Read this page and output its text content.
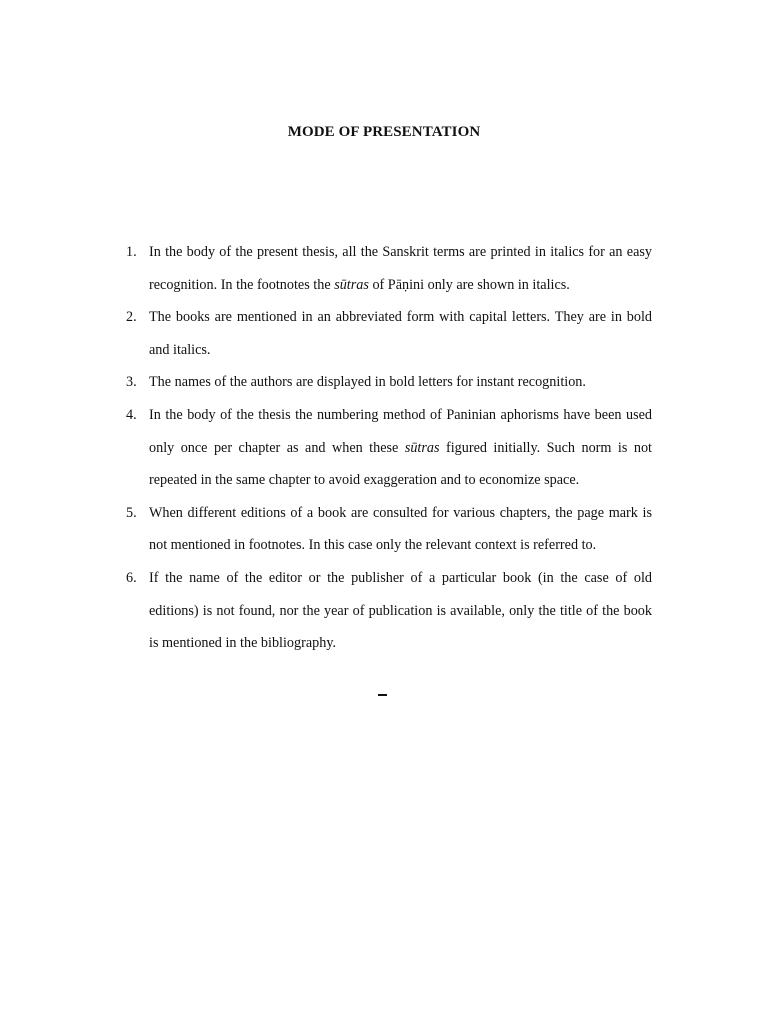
MODE OF PRESENTATION
1. In the body of the present thesis, all the Sanskrit terms are printed in italics for an easy recognition. In the footnotes the sūtras of Pāṇini only are shown in italics.
2. The books are mentioned in an abbreviated form with capital letters. They are in bold and italics.
3. The names of the authors are displayed in bold letters for instant recognition.
4. In the body of the thesis the numbering method of Paninian aphorisms have been used only once per chapter as and when these sūtras figured initially. Such norm is not repeated in the same chapter to avoid exaggeration and to economize space.
5. When different editions of a book are consulted for various chapters, the page mark is not mentioned in footnotes. In this case only the relevant context is referred to.
6. If the name of the editor or the publisher of a particular book (in the case of old editions) is not found, nor the year of publication is available, only the title of the book is mentioned in the bibliography.
